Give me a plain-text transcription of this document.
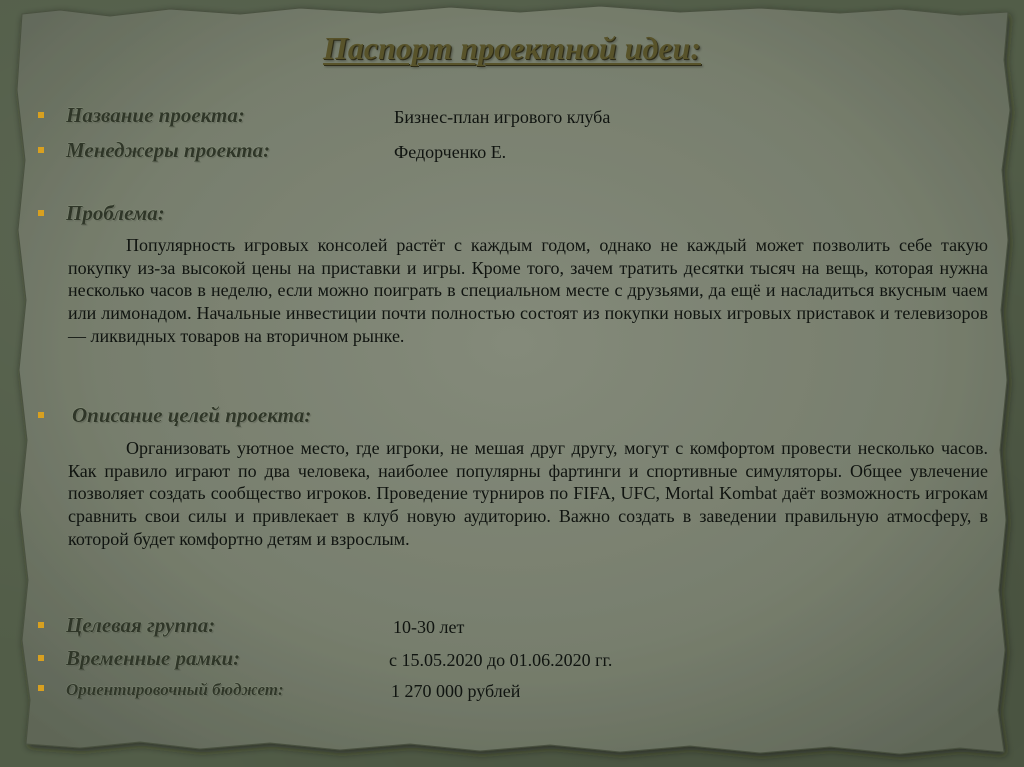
Паспорт проектной идеи:
Название проекта:	Бизнес-план игрового клуба
Менеджеры проекта:	Федорченко Е.
Проблема:

Популярность игровых консолей растёт с каждым годом, однако не каждый может позволить себе такую покупку из-за высокой цены на приставки и игры. Кроме того, зачем тратить десятки тысяч на вещь, которая нужна несколько часов в неделю, если можно поиграть в специальном месте с друзьями, да ещё и насладиться вкусным чаем или лимонадом. Начальные инвестиции почти полностью состоят из покупки новых игровых приставок и телевизоров — ликвидных товаров на вторичном рынке.

Описание целей проекта:

Организовать уютное место, где игроки, не мешая друг другу, могут с комфортом провести несколько часов. Как правило играют по два человека, наиболее популярны фартинги и спортивные симуляторы. Общее увлечение позволяет создать сообщество игроков. Проведение турниров по FIFA, UFC, Mortal Kombat даёт возможность игрокам сравнить свои силы и привлекает в клуб новую аудиторию. Важно создать в заведении правильную атмосферу, в которой будет комфортно детям и взрослым.

Целевая группа:	10-30 лет
Временные рамки:	с 15.05.2020 до 01.06.2020 гг.
Ориентировочный бюджет:	1 270 000 рублей
